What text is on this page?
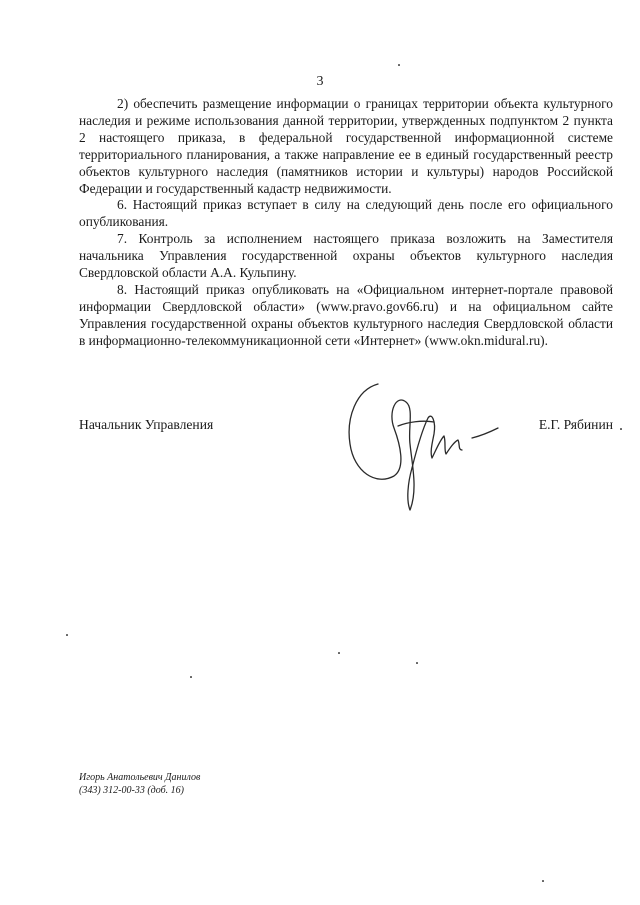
3

2) обеспечить размещение информации о границах территории объекта культурного наследия и режиме использования данной территории, утвержденных подпунктом 2 пункта 2 настоящего приказа, в федеральной государственной информационной системе территориального планирования, а также направление ее в единый государственный реестр объектов культурного наследия (памятников истории и культуры) народов Российской Федерации и государственный кадастр недвижимости.

6. Настоящий приказ вступает в силу на следующий день после его официального опубликования.

7. Контроль за исполнением настоящего приказа возложить на Заместителя начальника Управления государственной охраны объектов культурного наследия Свердловской области А.А. Кульпину.

8. Настоящий приказ опубликовать на «Официальном интернет-портале правовой информации Свердловской области» (www.pravo.gov66.ru) и на официальном сайте Управления государственной охраны объектов культурного наследия Свердловской области в информационно-телекоммуникационной сети «Интернет» (www.okn.midural.ru).

Начальник Управления	Е.Г. Рябинин
Игорь Анатольевич Данилов
(343) 312-00-33 (доб. 16)
